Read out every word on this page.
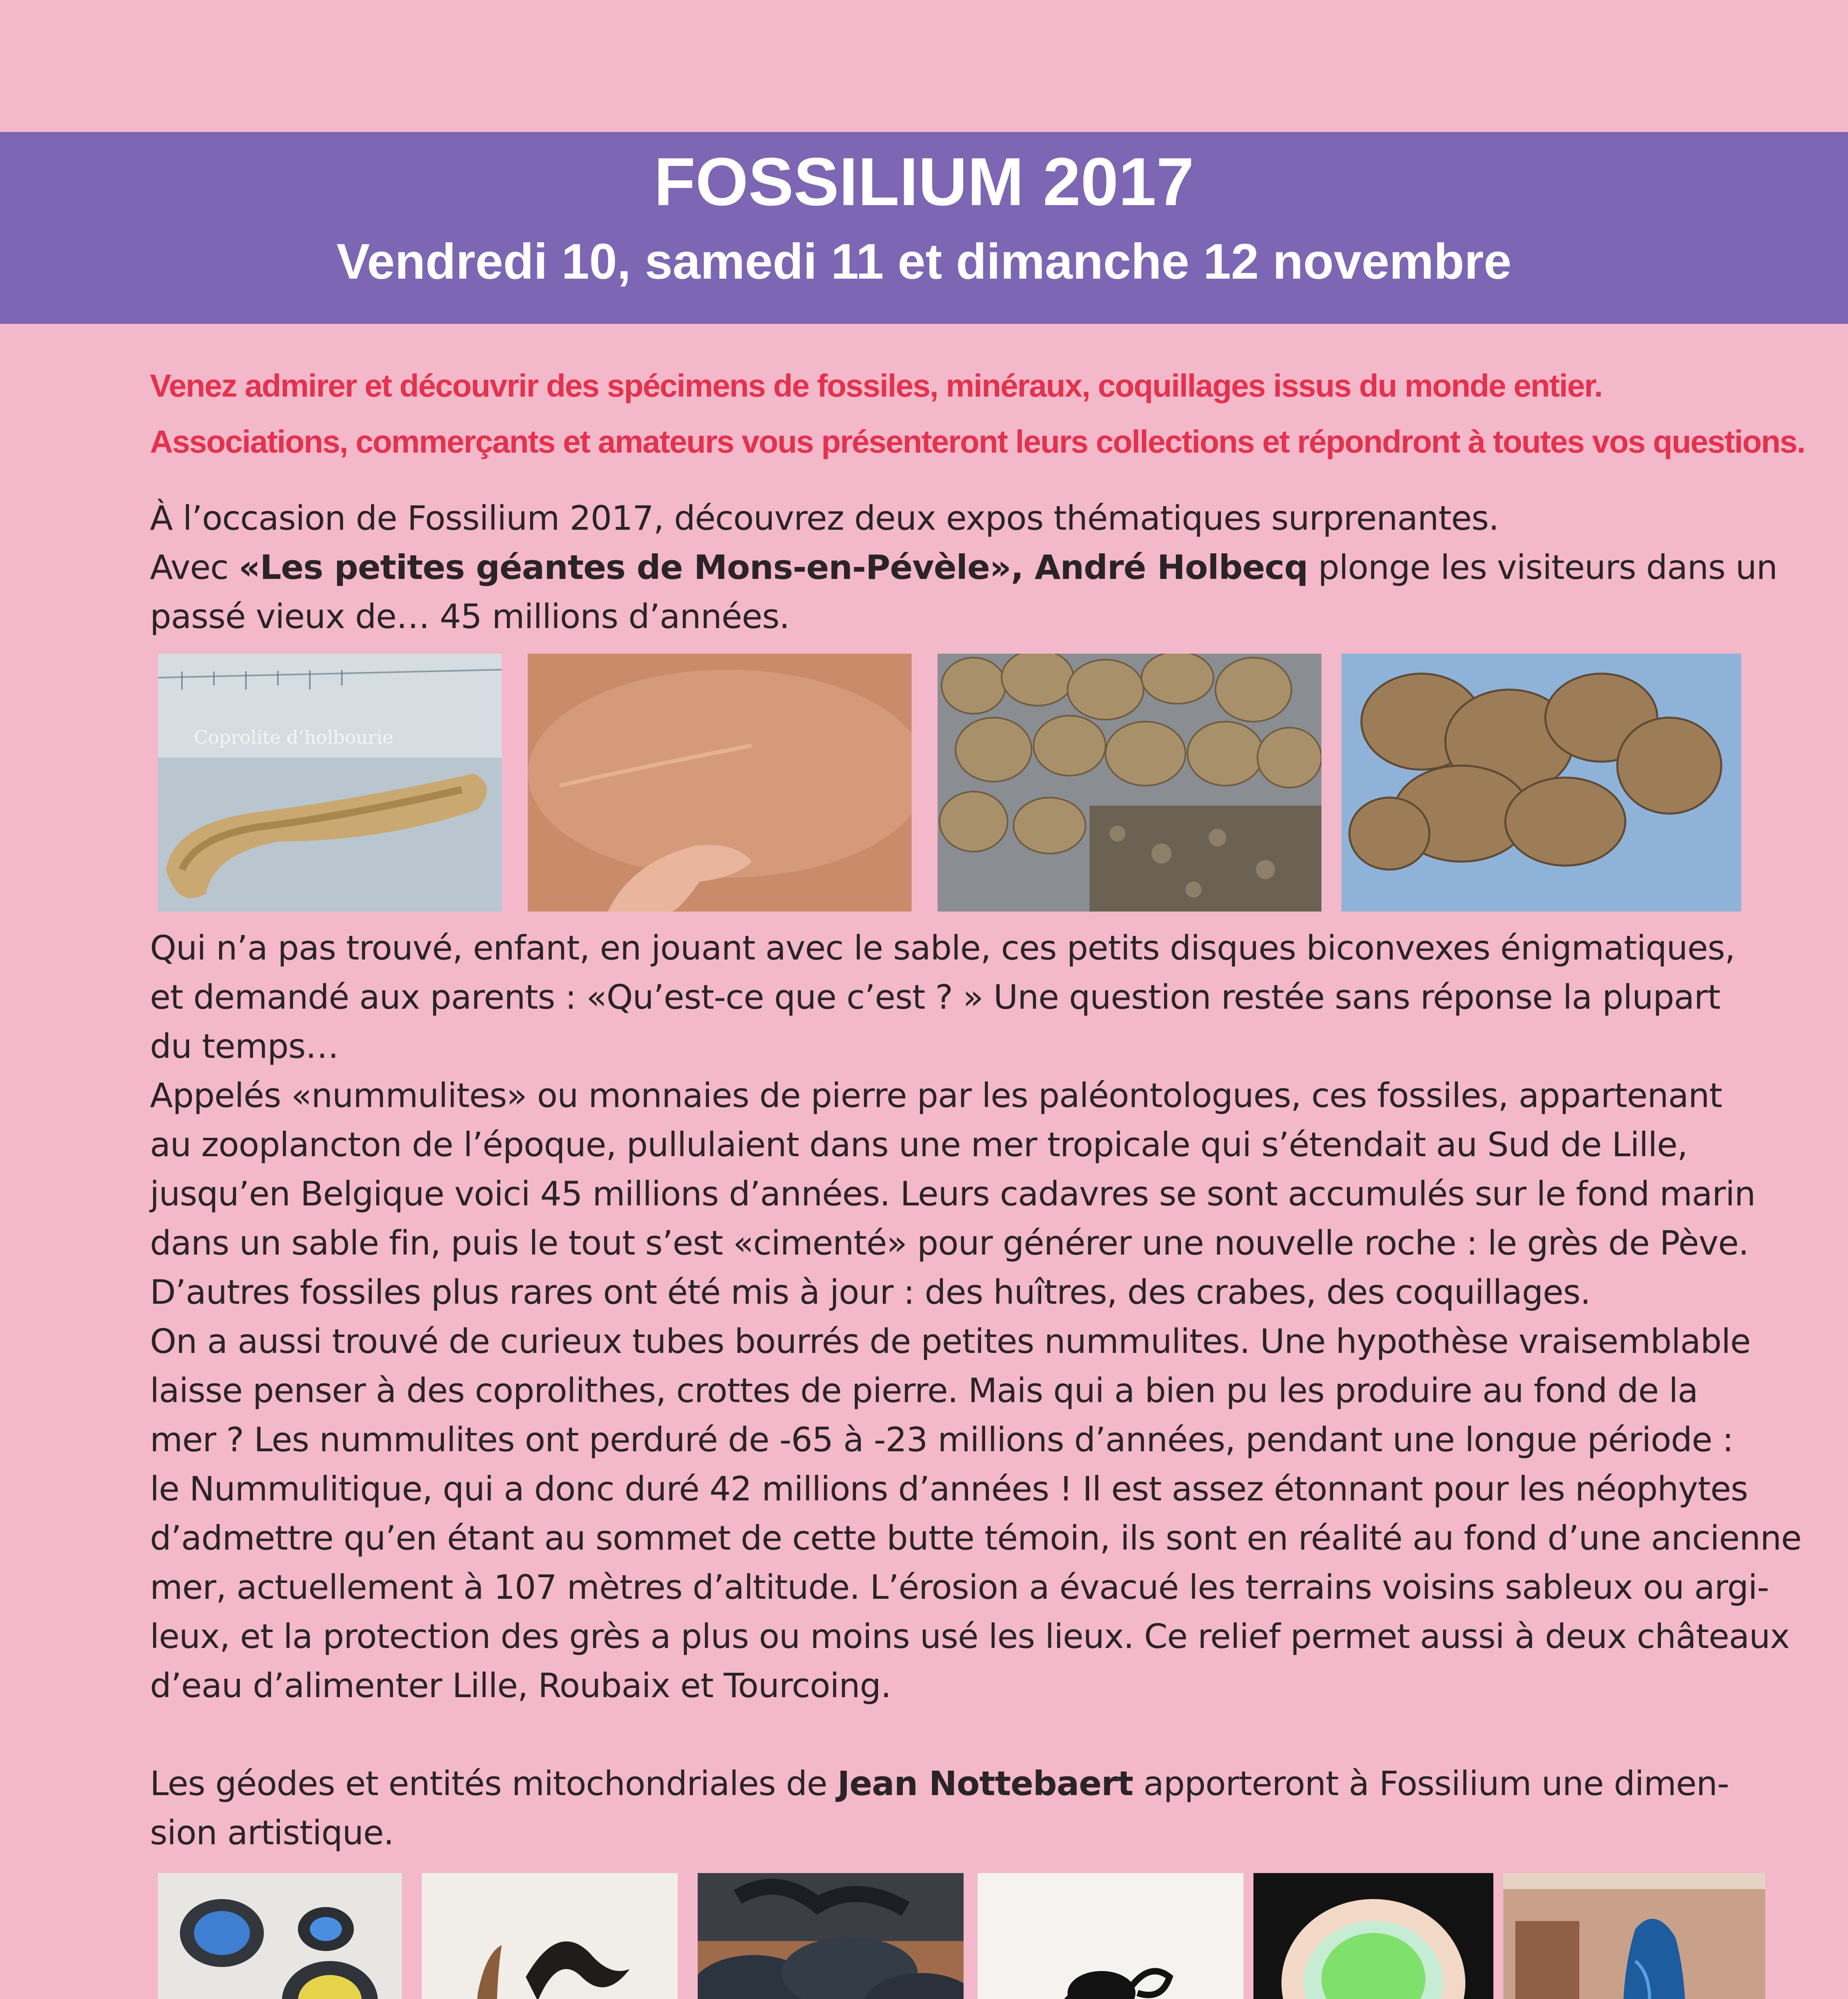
FOSSILIUM 2017
Vendredi 10, samedi 11 et dimanche 12 novembre
Venez admirer et découvrir des spécimens de fossiles, minéraux, coquillages issus du monde entier.
Associations, commerçants et amateurs vous présenteront leurs collections et répondront à toutes vos questions.
À l’occasion de Fossilium 2017, découvrez deux expos thématiques surprenantes.
Avec «Les petites géantes de Mons-en-Pévèle», André Holbecq plonge les visiteurs dans un
passé vieux de… 45 millions d’années.
Coprolite d’holbourie
Qui n’a pas trouvé, enfant, en jouant avec le sable, ces petits disques biconvexes énigmatiques,
et demandé aux parents : «Qu’est-ce que c’est ? » Une question restée sans réponse la plupart
du temps…
Appelés «nummulites» ou monnaies de pierre par les paléontologues, ces fossiles, appartenant
au zooplancton de l’époque, pullulaient dans une mer tropicale qui s’étendait au Sud de Lille,
jusqu’en Belgique voici 45 millions d’années. Leurs cadavres se sont accumulés sur le fond marin
dans un sable fin, puis le tout s’est «cimenté» pour générer une nouvelle roche : le grès de Pève.
D’autres fossiles plus rares ont été mis à jour : des huîtres, des crabes, des coquillages.
On a aussi trouvé de curieux tubes bourrés de petites nummulites. Une hypothèse vraisemblable
laisse penser à des coprolithes, crottes de pierre. Mais qui a bien pu les produire au fond de la
mer ? Les nummulites ont perduré de -65 à -23 millions d’années, pendant une longue période :
le Nummulitique, qui a donc duré 42 millions d’années ! Il est assez étonnant pour les néophytes
d’admettre qu’en étant au sommet de cette butte témoin, ils sont en réalité au fond d’une ancienne
mer, actuellement à 107 mètres d’altitude. L’érosion a évacué les terrains voisins sableux ou argi-
leux, et la protection des grès a plus ou moins usé les lieux. Ce relief permet aussi à deux châteaux
d’eau d’alimenter Lille, Roubaix et Tourcoing.
Les géodes et entités mitochondriales de Jean Nottebaert apporteront à Fossilium une dimen-
sion artistique.
